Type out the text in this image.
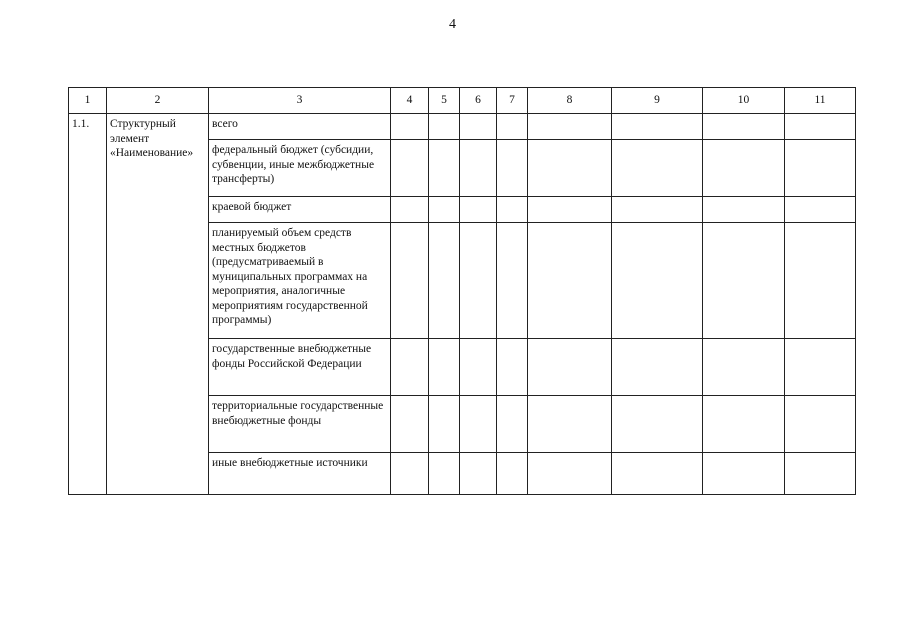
4
1	2	3	4	5	6	7	8	9	10	11

1.1.	Структурный элемент «Наименование»	всего								

		федеральный бюджет (субсидии, субвенции, иные межбюджетные трансферты)								

		краевой бюджет								

		планируемый объем средств местных бюджетов (предусматриваемый в муниципальных программах на мероприятия, аналогичные мероприятиям государственной программы)								

		государственные внебюджетные фонды Российской Федерации								

		территориальные государственные внебюджетные фонды								

		иные внебюджетные источники								
